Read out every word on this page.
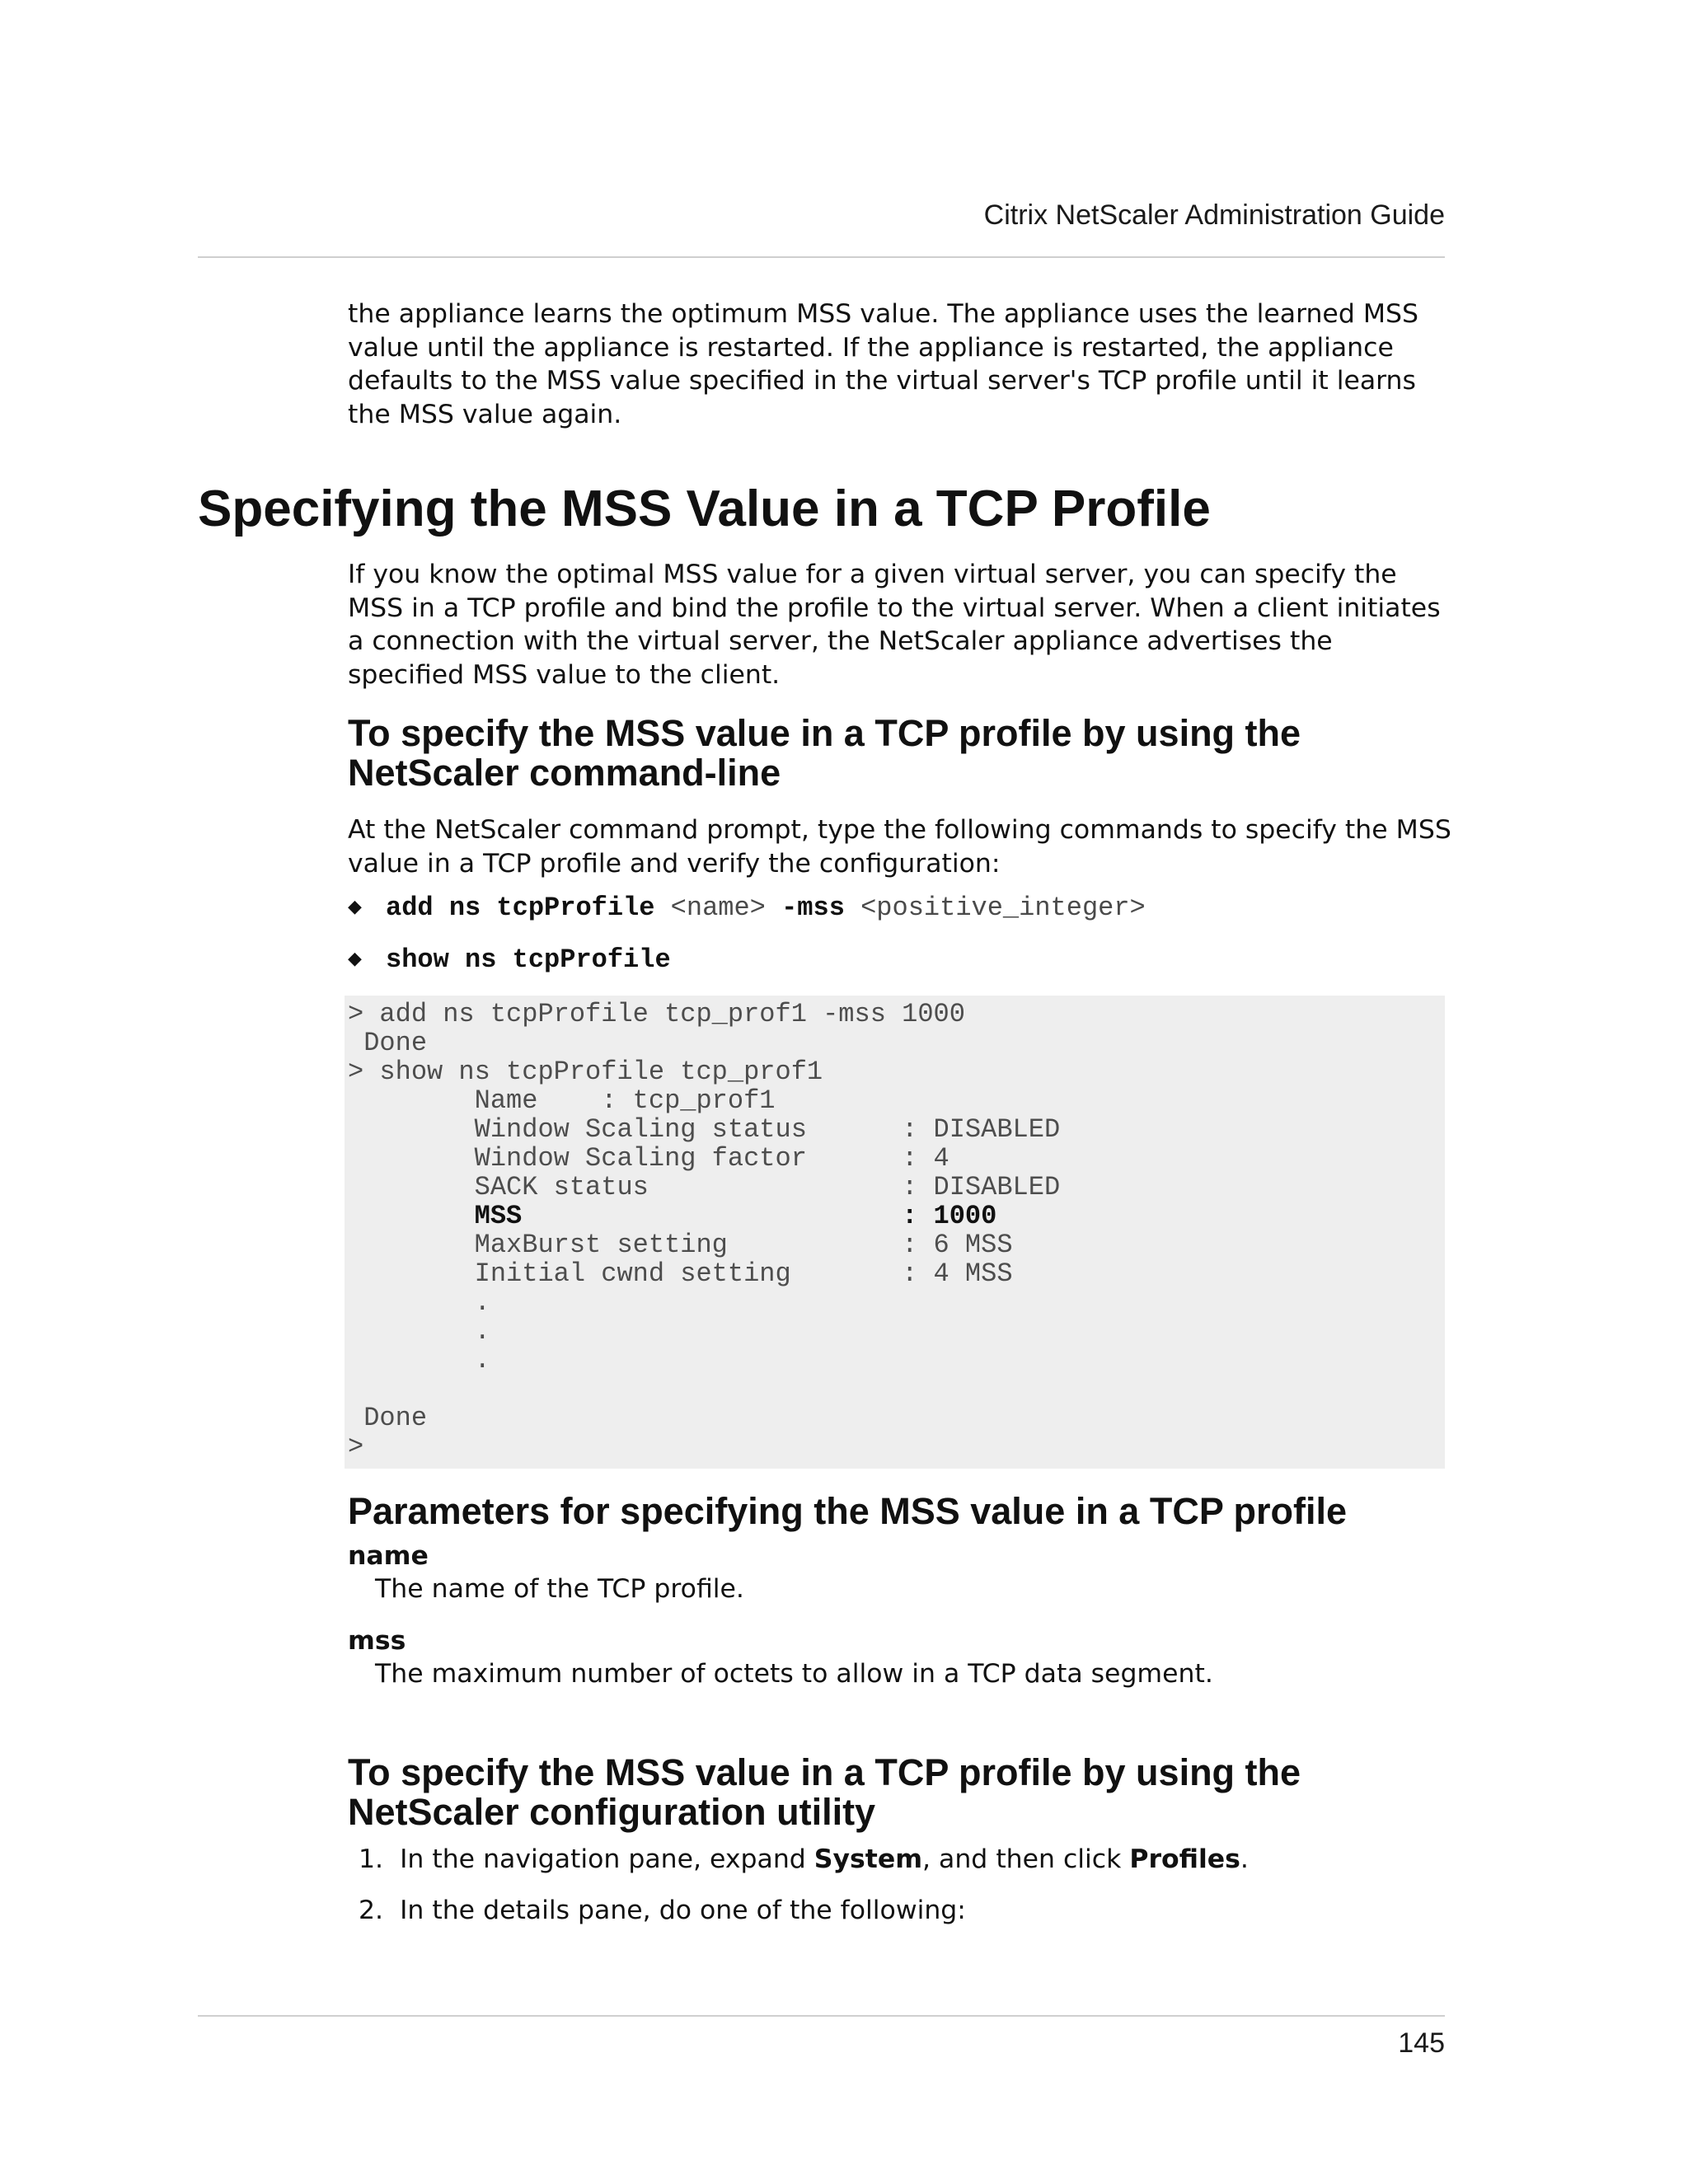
Citrix NetScaler Administration Guide

the appliance learns the optimum MSS value. The appliance uses the learned MSS value until the appliance is restarted. If the appliance is restarted, the appliance defaults to the MSS value specified in the virtual server's TCP profile until it learns the MSS value again.

Specifying the MSS Value in a TCP Profile

If you know the optimal MSS value for a given virtual server, you can specify the MSS in a TCP profile and bind the profile to the virtual server. When a client initiates a connection with the virtual server, the NetScaler appliance advertises the specified MSS value to the client.

To specify the MSS value in a TCP profile by using the NetScaler command-line

At the NetScaler command prompt, type the following commands to specify the MSS value in a TCP profile and verify the configuration:

◆ add ns tcpProfile <name> -mss <positive_integer>
◆ show ns tcpProfile
> add ns tcpProfile tcp_prof1 -mss 1000
Done
> show ns tcpProfile tcp_prof1
Name    : tcp_prof1
Window Scaling status      : DISABLED
Window Scaling factor      : 4
SACK status                : DISABLED
MSS                        : 1000
MaxBurst setting           : 6 MSS
Initial cwnd setting       : 4 MSS
.
.
.
Done
>
Parameters for specifying the MSS value in a TCP profile

name

The name of the TCP profile.

mss

The maximum number of octets to allow in a TCP data segment.

To specify the MSS value in a TCP profile by using the NetScaler configuration utility

1. In the navigation pane, expand System, and then click Profiles.

2. In the details pane, do one of the following:

145
